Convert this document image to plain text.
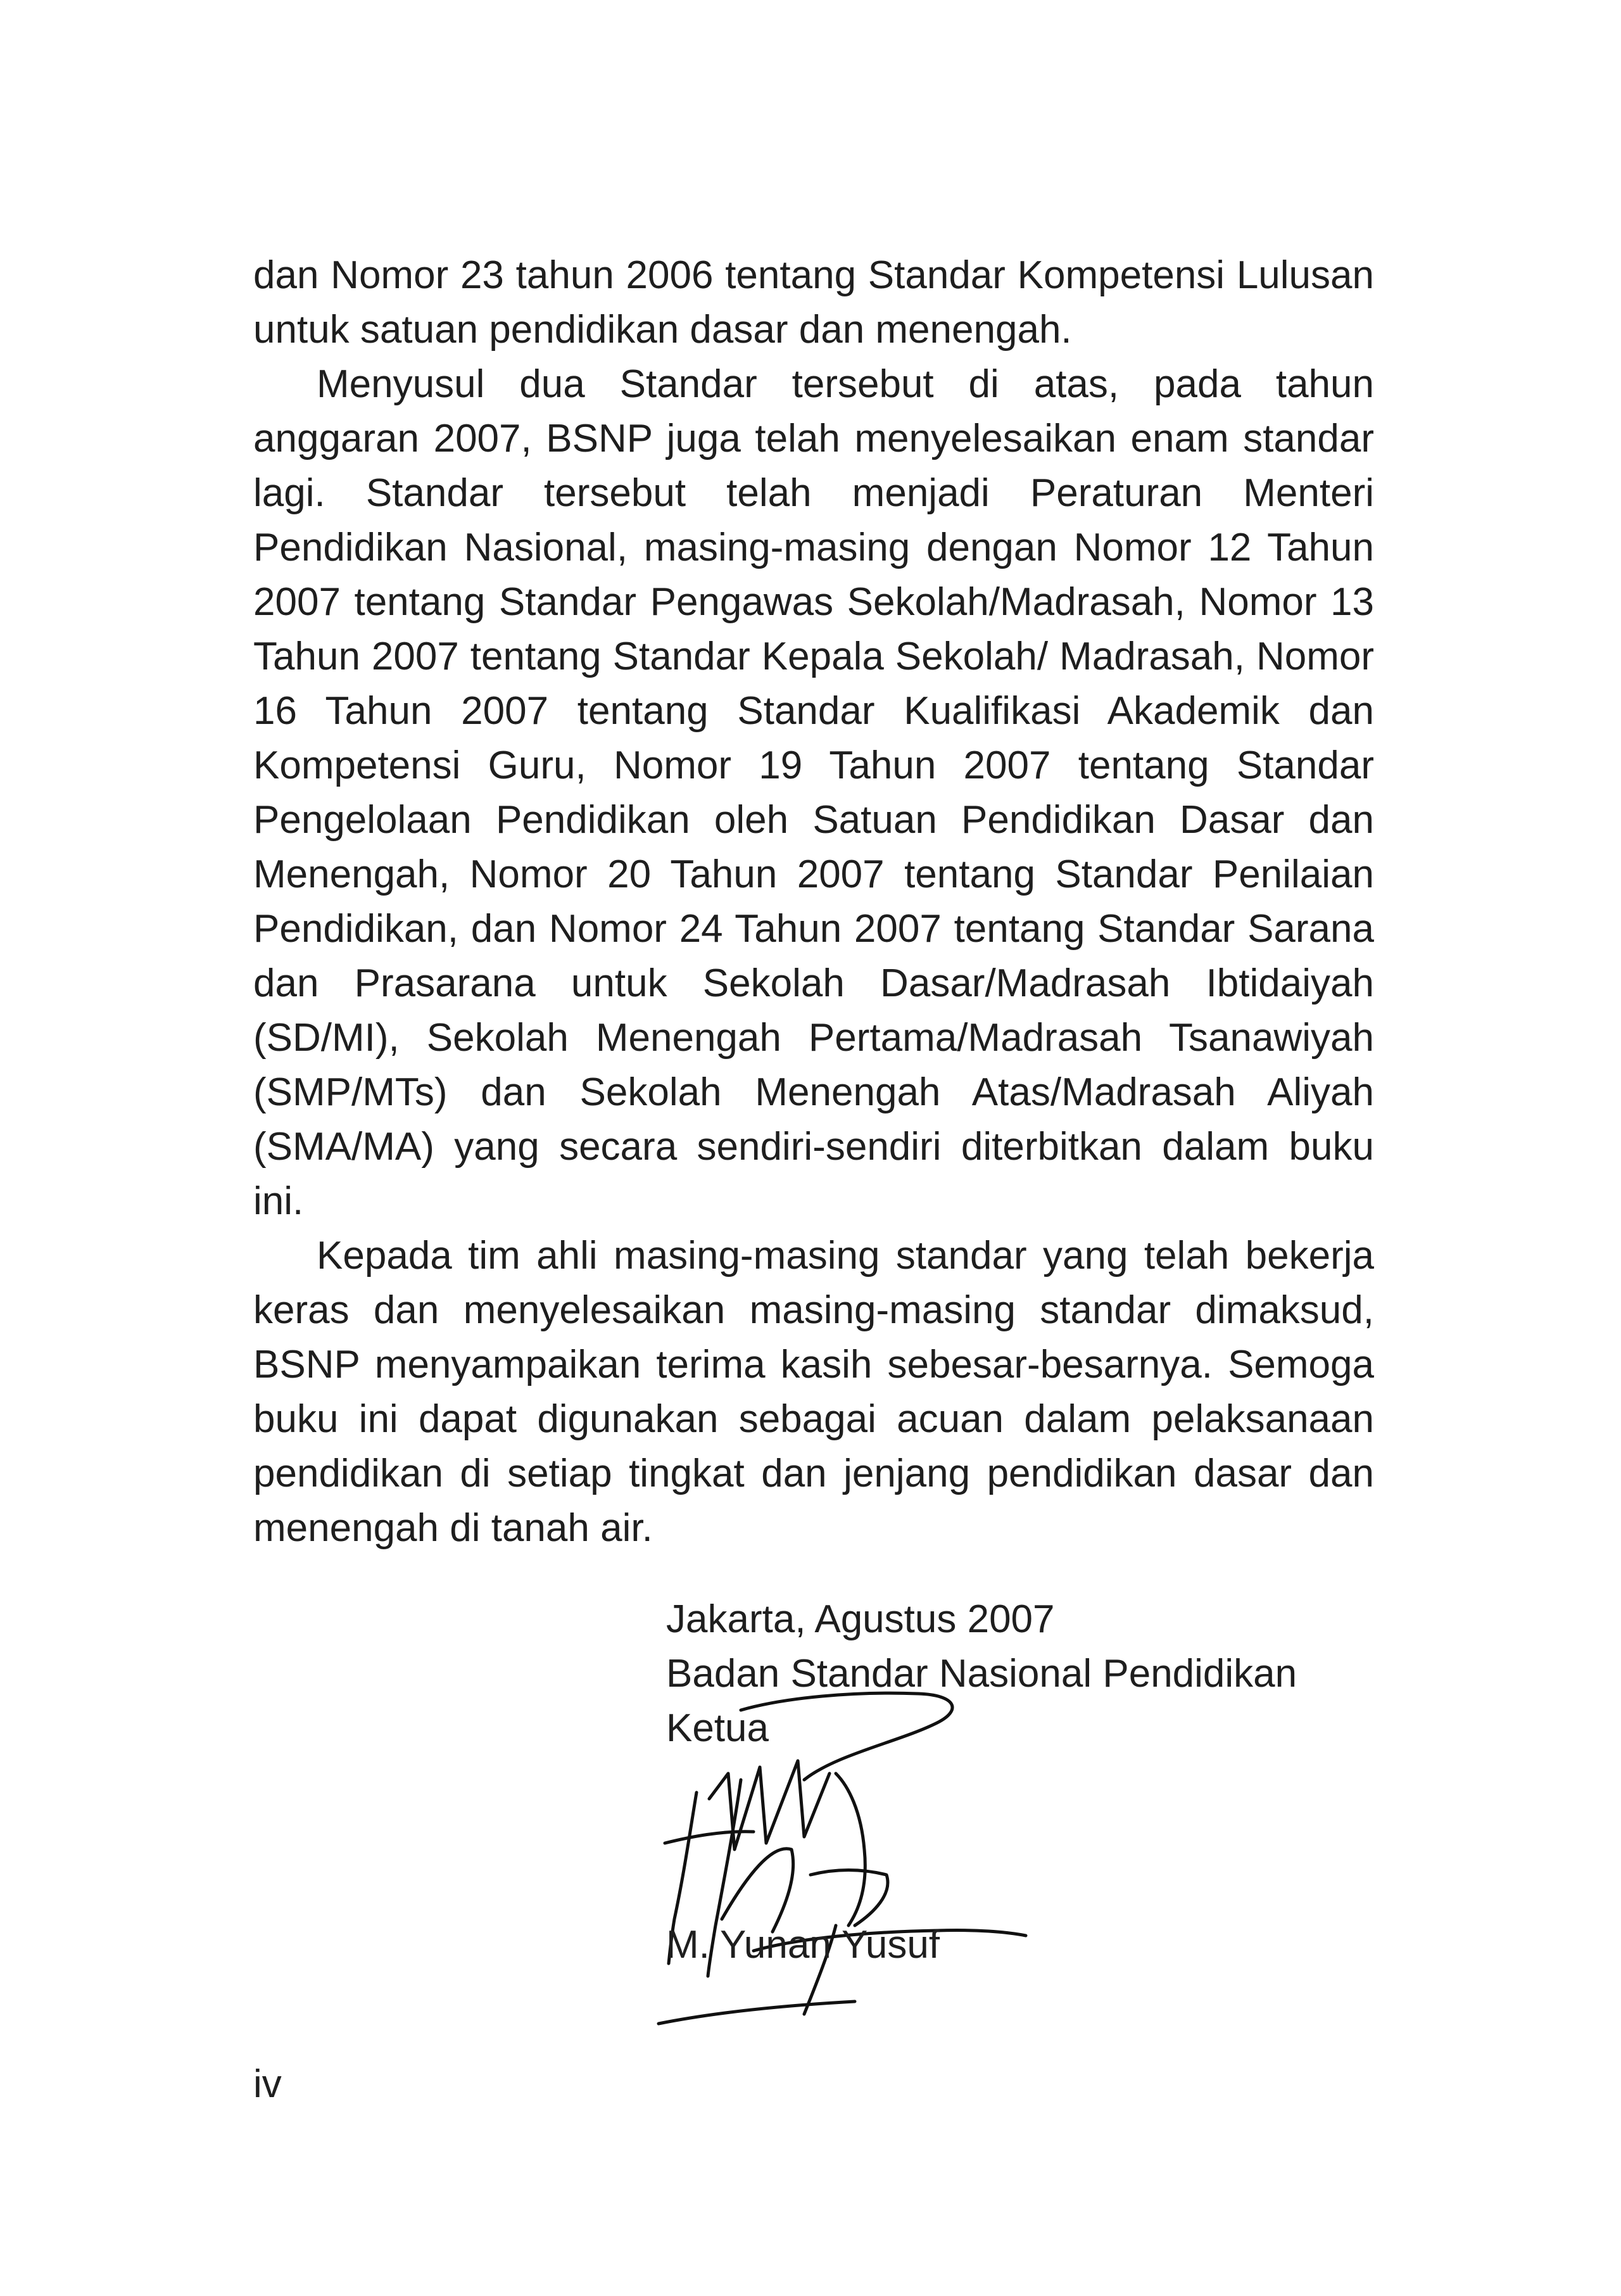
dan Nomor 23 tahun 2006 tentang Standar Kompetensi Lulusan untuk satuan pendidikan dasar dan menengah.

Menyusul dua Standar tersebut di atas, pada tahun anggaran 2007, BSNP juga telah menyelesaikan enam standar lagi. Standar tersebut telah menjadi Peraturan Menteri Pendidikan Nasional, masing-masing dengan Nomor 12 Tahun 2007 tentang Standar Pengawas Sekolah/Madrasah, Nomor 13 Tahun 2007 tentang Standar Kepala Sekolah/ Madrasah, Nomor 16 Tahun 2007 tentang Standar Kualifikasi Akademik dan Kompetensi Guru, Nomor 19 Tahun 2007 tentang Standar Pengelolaan Pendidikan oleh Satuan Pendidikan Dasar dan Menengah, Nomor 20 Tahun 2007 tentang Standar Penilaian Pendidikan, dan Nomor 24 Tahun 2007 tentang Standar Sarana dan Prasarana untuk Sekolah Dasar/Madrasah Ibtidaiyah (SD/MI), Sekolah Menengah Pertama/Madrasah Tsanawiyah (SMP/MTs) dan Sekolah Menengah Atas/Madrasah Aliyah (SMA/MA) yang secara sendiri-sendiri diterbitkan dalam buku ini.

Kepada tim ahli masing-masing standar yang telah bekerja keras dan menyelesaikan masing-masing standar dimaksud, BSNP menyampaikan terima kasih sebesar-besarnya. Semoga buku ini dapat digunakan sebagai acuan dalam pelaksanaan pendidikan di setiap tingkat dan jenjang pendidikan dasar dan menengah di tanah air.

Jakarta, Agustus 2007
Badan Standar Nasional Pendidikan
Ketua
M. Yunan Yusuf
iv
